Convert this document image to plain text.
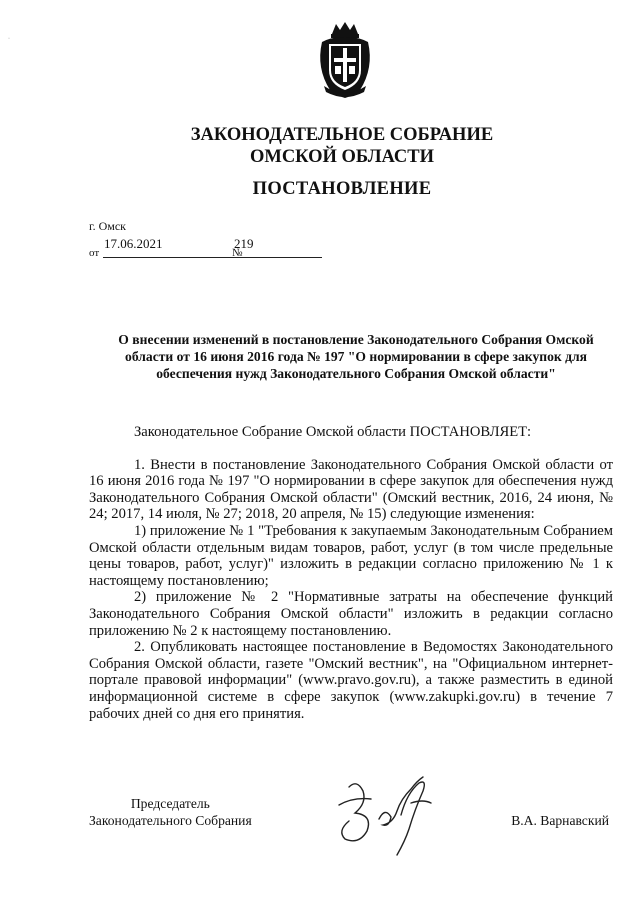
·
ЗАКОНОДАТЕЛЬНОЕ СОБРАНИЕ
ОМСКОЙ ОБЛАСТИ
ПОСТАНОВЛЕНИЕ
г. Омск
от
17.06.2021
№
219
О внесении изменений в постановление Законодательного Собрания Омской области от 16 июня 2016 года № 197 "О нормировании в сфере закупок для обеспечения нужд Законодательного Собрания Омской области"

Законодательное Собрание Омской области ПОСТАНОВЛЯЕТ:

1. Внести в постановление Законодательного Собрания Омской области от 16 июня 2016 года № 197 "О нормировании в сфере закупок для обеспечения нужд Законодательного Собрания Омской области" (Омский вестник, 2016, 24 июня, № 24; 2017, 14 июля, № 27; 2018, 20 апреля, № 15) следующие изменения:

1) приложение № 1 "Требования к закупаемым Законодательным Собранием Омской области отдельным видам товаров, работ, услуг (в том числе предельные цены товаров, работ, услуг)" изложить в редакции согласно приложению № 1 к настоящему постановлению;

2) приложение № 2 "Нормативные затраты на обеспечение функций Законодательного Собрания Омской области" изложить в редакции согласно приложению № 2 к настоящему постановлению.

2. Опубликовать настоящее постановление в Ведомостях Законодательного Собрания Омской области, газете "Омский вестник", на "Официальном интернет-портале правовой информации" (www.pravo.gov.ru), а также разместить в единой информационной системе в сфере закупок (www.zakupki.gov.ru) в течение 7 рабочих дней со дня его принятия.

Председатель
Законодательного Собрания	В.А. Варнавский
